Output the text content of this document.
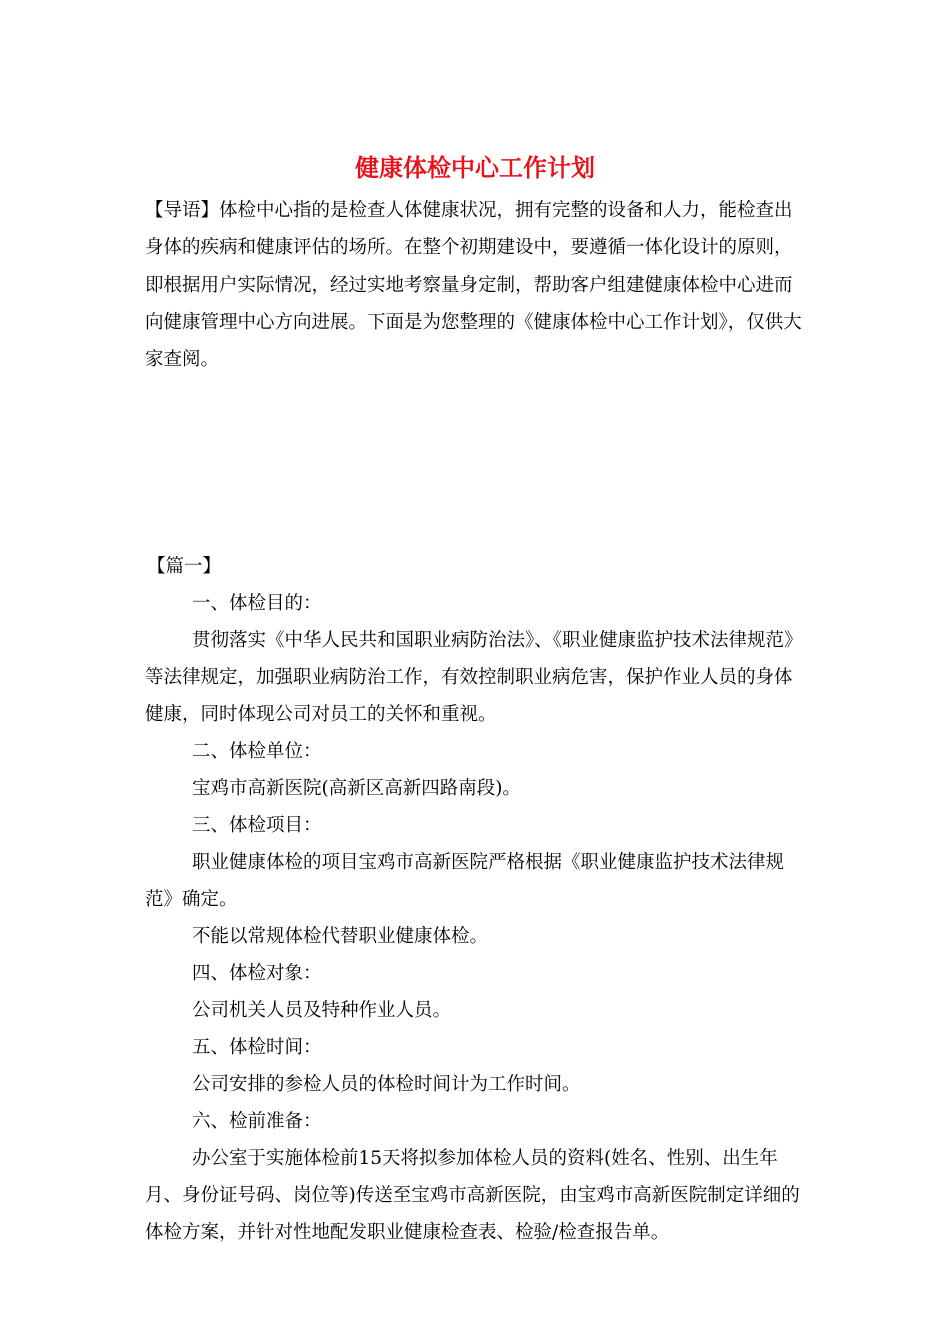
健康体检中心工作计划

【导语】体检中心指的是检查人体健康状况，拥有完整的设备和人力，能检查出身体的疾病和健康评估的场所。在整个初期建设中，要遵循一体化设计的原则，即根据用户实际情况，经过实地考察量身定制，帮助客户组建健康体检中心进而向健康管理中心方向进展。下面是为您整理的《健康体检中心工作计划》，仅供大家查阅。

【篇一】

一、体检目的：

贯彻落实《中华人民共和国职业病防治法》、《职业健康监护技术法律规范》等法律规定，加强职业病防治工作，有效控制职业病危害，保护作业人员的身体健康，同时体现公司对员工的关怀和重视。

二、体检单位：

宝鸡市高新医院(高新区高新四路南段)。

三、体检项目：

职业健康体检的项目宝鸡市高新医院严格根据《职业健康监护技术法律规范》确定。

不能以常规体检代替职业健康体检。

四、体检对象：

公司机关人员及特种作业人员。

五、体检时间：

公司安排的参检人员的体检时间计为工作时间。

六、检前准备：

办公室于实施体检前15天将拟参加体检人员的资料(姓名、性别、出生年月、身份证号码、岗位等)传送至宝鸡市高新医院，由宝鸡市高新医院制定详细的体检方案，并针对性地配发职业健康检查表、检验/检查报告单。
